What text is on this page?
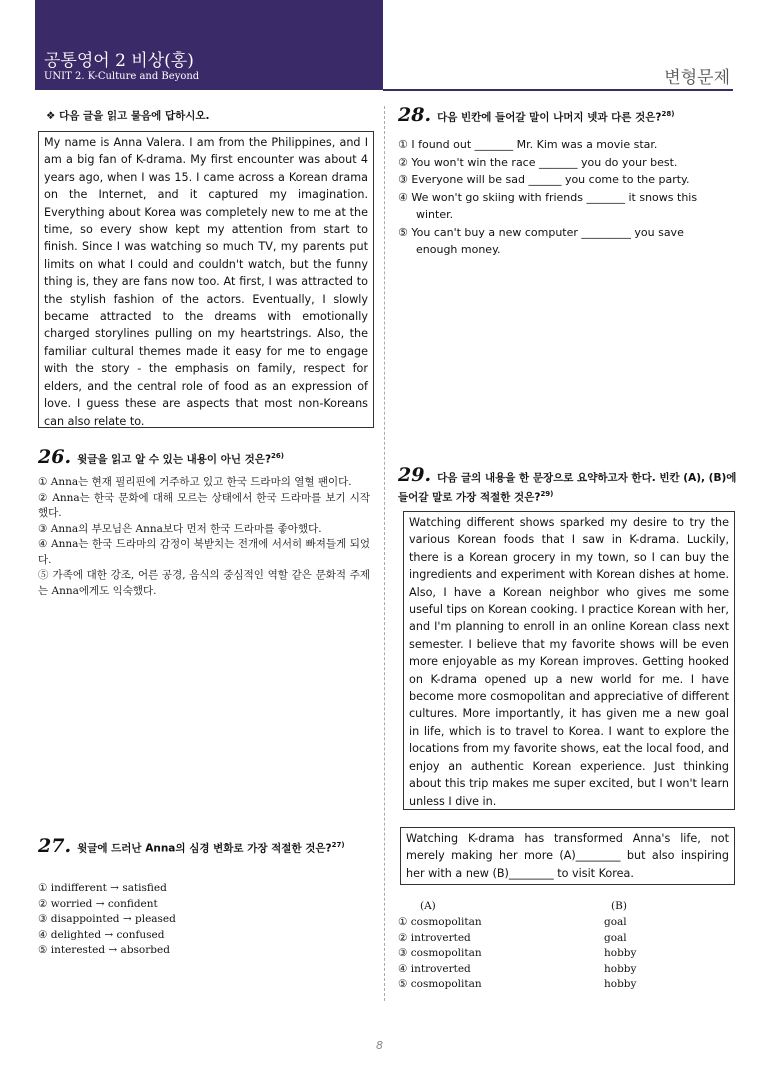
공통영어 2 비상(홍)
UNIT 2. K-Culture and Beyond	변형문제
❖ 다음 글을 읽고 물음에 답하시오.
My name is Anna Valera. I am from the Philippines, and I am a big fan of K-drama. My first encounter was about 4 years ago, when I was 15. I came across a Korean drama on the Internet, and it captured my imagination. Everything about Korea was completely new to me at the time, so every show kept my attention from start to finish. Since I was watching so much TV, my parents put limits on what I could and couldn't watch, but the funny thing is, they are fans now too. At first, I was attracted to the stylish fashion of the actors. Eventually, I slowly became attracted to the dreams with emotionally charged storylines pulling on my heartstrings. Also, the familiar cultural themes made it easy for me to engage with the story - the emphasis on family, respect for elders, and the central role of food as an expression of love. I guess these are aspects that most non-Koreans can also relate to.
26. 윗글을 읽고 알 수 있는 내용이 아닌 것은?$^{26)}$
① Anna는 현재 필리핀에 거주하고 있고 한국 드라마의 열혈 팬이다.
② Anna는 한국 문화에 대해 모르는 상태에서 한국 드라마를 보기 시작했다.
③ Anna의 부모님은 Anna보다 먼저 한국 드라마를 좋아했다.
④ Anna는 한국 드라마의 감정이 북받치는 전개에 서서히 빠져들게 되었다.
⑤ 가족에 대한 강조, 어른 공경, 음식의 중심적인 역할 같은 문화적 주제는 Anna에게도 익숙했다.
27. 윗글에 드러난 Anna의 심경 변화로 가장 적절한 것은?$^{27)}$
① indifferent → satisfied
② worried → confident
③ disappointed → pleased
④ delighted → confused
⑤ interested → absorbed
28. 다음 빈칸에 들어갈 말이 나머지 넷과 다른 것은?$^{28)}$
① I found out _______ Mr. Kim was a movie star.
② You won't win the race _______ you do your best.
③ Everyone will be sad ______ you come to the party.
④ We won't go skiing with friends _______ it snows this
winter.
⑤ You can't buy a new computer _________ you save
enough money.
29. 다음 글의 내용을 한 문장으로 요약하고자 한다. 빈칸 (A), (B)에 들어갈 말로 가장 적절한 것은?$^{29)}$
Watching different shows sparked my desire to try the various Korean foods that I saw in K-drama. Luckily, there is a Korean grocery in my town, so I can buy the ingredients and experiment with Korean dishes at home. Also, I have a Korean neighbor who gives me some useful tips on Korean cooking. I practice Korean with her, and I'm planning to enroll in an online Korean class next semester. I believe that my favorite shows will be even more enjoyable as my Korean improves. Getting hooked on K-drama opened up a new world for me. I have become more cosmopolitan and appreciative of different cultures. More importantly, it has given me a new goal in life, which is to travel to Korea. I want to explore the locations from my favorite shows, eat the local food, and enjoy an authentic Korean experience. Just thinking about this trip makes me super excited, but I won't learn unless I dive in.
Watching K-drama has transformed Anna's life, not merely making her more (A)________ but also inspiring her with a new (B)________ to visit Korea.
(A)	(B)
① cosmopolitan	goal
② introverted	goal
③ cosmopolitan	hobby
④ introverted	hobby
⑤ cosmopolitan	hobby
8
